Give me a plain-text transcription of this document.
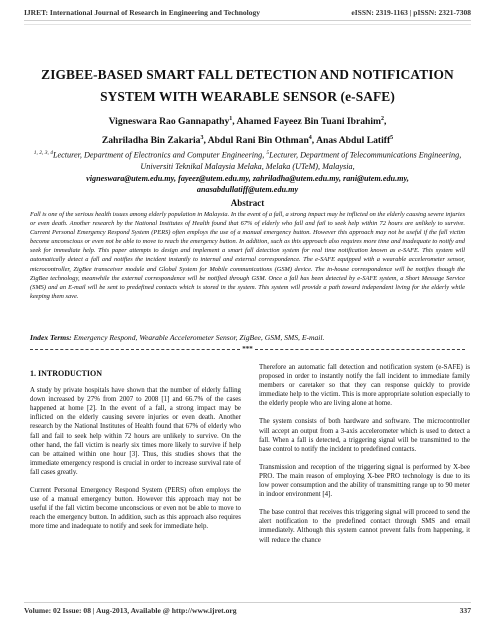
IJRET: International Journal of Research in Engineering and Technology	eISSN: 2319-1163 | pISSN: 2321-7308
ZIGBEE-BASED SMART FALL DETECTION AND NOTIFICATION
SYSTEM WITH WEARABLE SENSOR (e-SAFE)
Vigneswara Rao Gannapathy$^1$, Ahamed Fayeez Bin Tuani Ibrahim$^2$,
Zahriladha Bin Zakaria$^3$, Abdul Rani Bin Othman$^4$, Anas Abdul Latiff$^5$
$^{1, 2, 3, 4}$Lecturer, Department of Electronics and Computer Engineering, $^5$Lecturer, Department of Telecommunications Engineering, Universiti Teknikal Malaysia Melaka, Melaka (UTeM), Malaysia,
vigneswara@utem.edu.my, fayeez@utem.edu.my, zahriladha@utem.edu.my, rani@utem.edu.my,
anasabdullatiff@utem.edu.my
Abstract
Fall is one of the serious health issues among elderly population in Malaysia. In the event of a fall, a strong impact may be inflicted on the elderly causing severe injuries or even death. Another research by the National Institutes of Health found that 67% of elderly who fall and fail to seek help within 72 hours are unlikely to survive. Current Personal Emergency Respond System (PERS) often employs the use of a manual emergency button. However this approach may not be useful if the fall victim become unconscious or even not be able to move to reach the emergency button. In addition, such as this approach also requires more time and inadequate to notify and seek for immediate help. This paper attempts to design and implement a smart fall detection system for real time notification known as e-SAFE. This system will automatically detect a fall and notifies the incident instantly to internal and external correspondence. The e-SAFE equipped with a wearable accelerometer sensor, microcontroller, ZigBee transceiver module and Global System for Mobile communications (GSM) device. The in-house correspondence will be notifies though the ZigBee technology, meanwhile the external correspondence will be notified through GSM. Once a fall has been detected by e-SAFE system, a Short Message Service (SMS) and an E-mail will be sent to predefined contacts which is stored in the system. This system will provide a path toward independent living for the elderly while keeping them save.
Index Terms: Emergency Respond, Wearable Accelerometer Sensor, ZigBee, GSM, SMS, E-mail.
***
1. INTRODUCTION

A study by private hospitals have shown that the number of elderly falling down increased by 27% from 2007 to 2008 [1] and 66.7% of the cases happened at home [2]. In the event of a fall, a strong impact may be inflicted on the elderly causing severe injuries or even death. Another research by the National Institutes of Health found that 67% of elderly who fall and fail to seek help within 72 hours are unlikely to survive. On the other hand, the fall victim is nearly six times more likely to survive if help can be attained within one hour [3]. Thus, this studies shows that the immediate emergency respond is crucial in order to increase survival rate of fall cases greatly.

Current Personal Emergency Respond System (PERS) often employs the use of a manual emergency button. However this approach may not be useful if the fall victim become unconscious or even not be able to move to reach the emergency button. In addition, such as this approach also requires more time and inadequate to notify and seek for immediate help.

Therefore an automatic fall detection and notification system (e-SAFE) is proposed in order to instantly notify the fall incident to immediate family members or caretaker so that they can response quickly to provide immediate help to the victim. This is more appropriate solution especially to the elderly people who are living alone at home.

The system consists of both hardware and software. The microcontroller will accept an output from a 3-axis accelerometer which is used to detect a fall. When a fall is detected, a triggering signal will be transmitted to the base control to notify the incident to predefined contacts.

Transmission and reception of the triggering signal is performed by X-bee PRO. The main reason of employing X-bee PRO technology is due to its low power consumption and the ability of transmitting range up to 90 meter in indoor environment [4].

The base control that receives this triggering signal will proceed to send the alert notification to the predefined contact through SMS and email immediately. Although this system cannot prevent falls from happening, it will reduce the chance

Volume: 02 Issue: 08 | Aug-2013, Available @ http://www.ijret.org	337
